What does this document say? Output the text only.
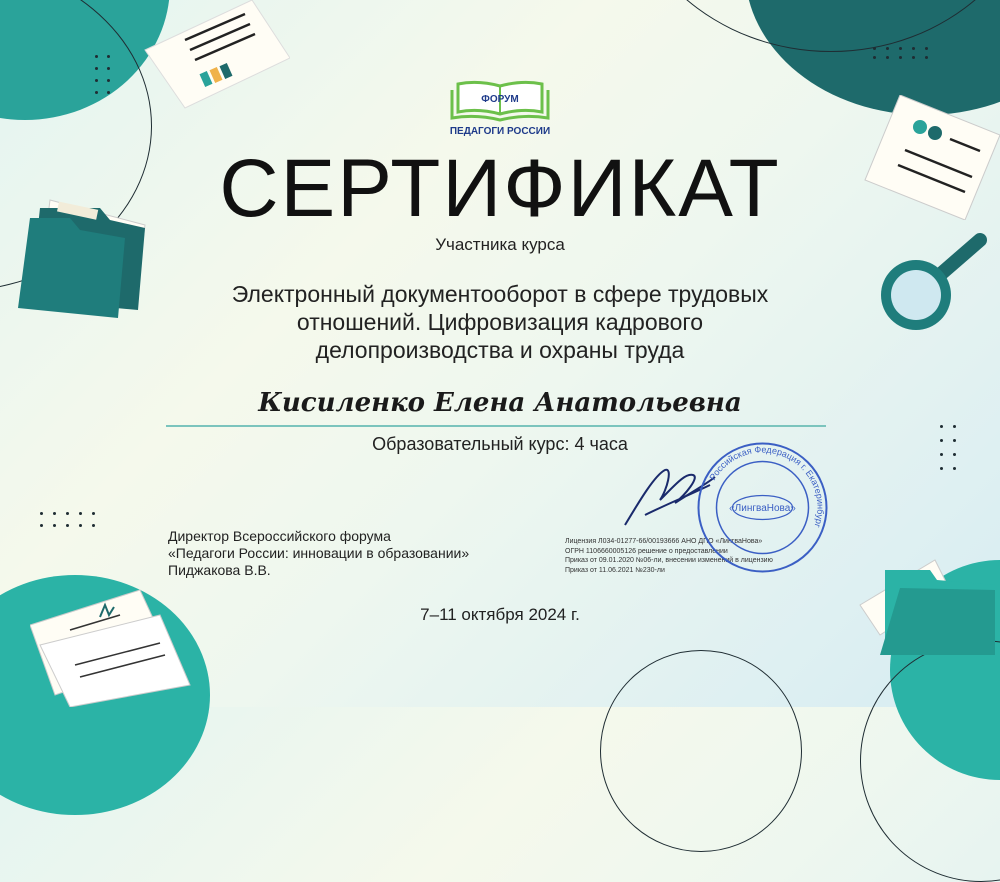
ФОРУМ
ПЕДАГОГИ РОССИИ
СЕРТИФИКАТ
Участника курса
Электронный документооборот в сфере трудовых
отношений. Цифровизация кадрового
делопроизводства и охраны труда
Кисиленко Елена Анатольевна
Образовательный курс: 4 часа
Директор Всероссийского форума
«Педагоги России: инновации в образовании»
Пиджакова В.В.
Лицензия Л034-01277-66/00193666 АНО ДПО «ЛингваНова»
ОГРН 1106660005126 решение о предоставлении
Приказ от 09.01.2020 №06-ли, внесении изменений в лицензию
Приказ от 11.06.2021 №230-ли
Российская Федерация г. Екатеринбург
«ЛингваНова»
7–11 октября 2024 г.
